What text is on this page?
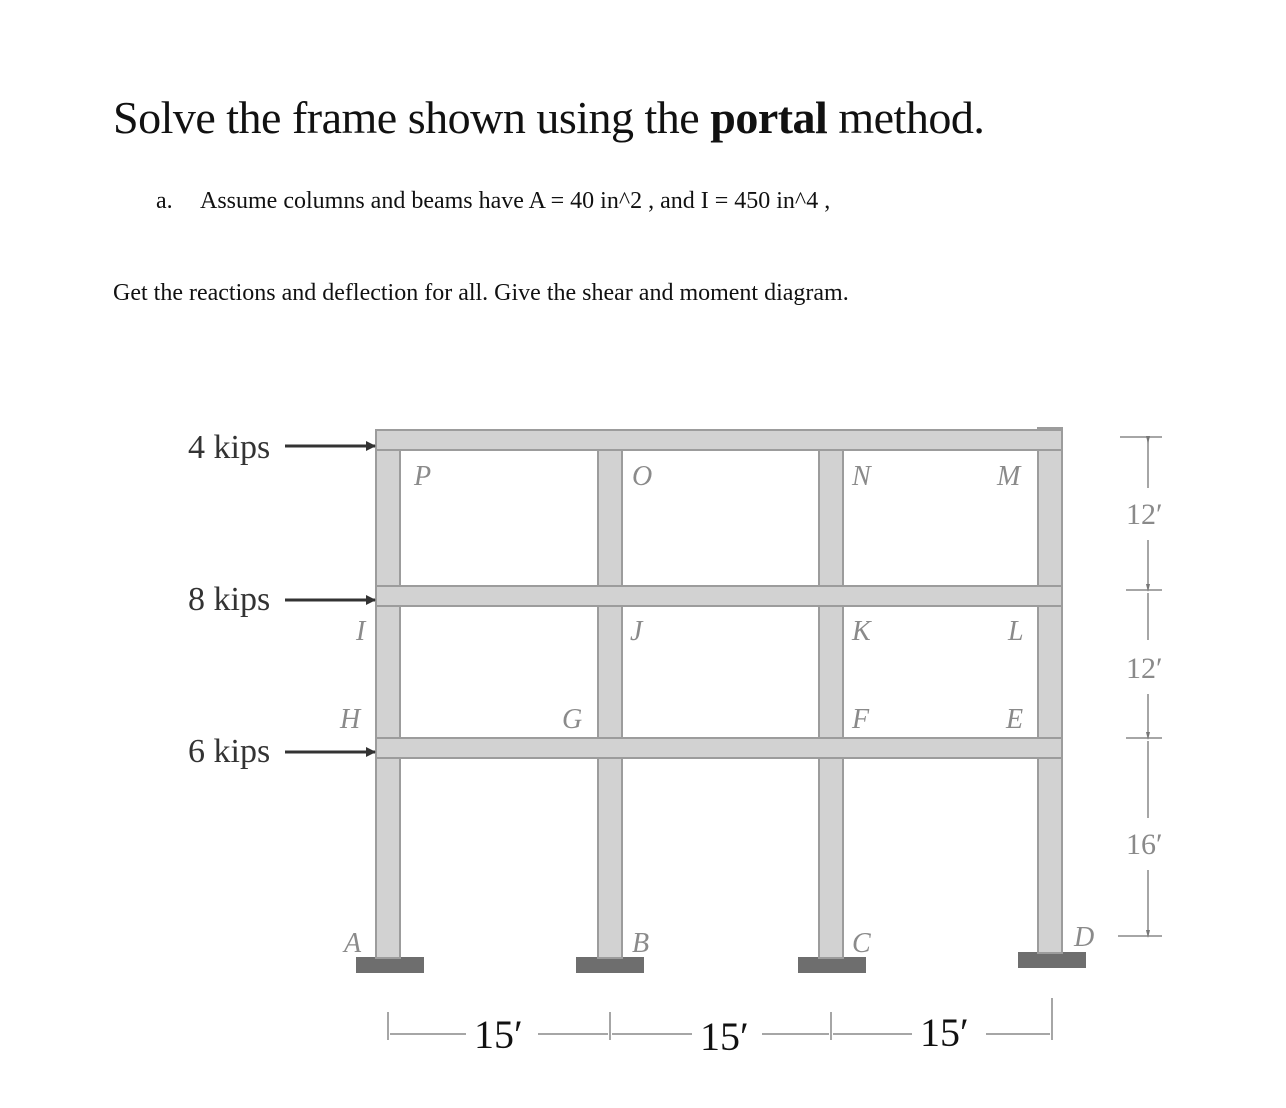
Solve the frame shown using the portal method.
a. Assume columns and beams have A = 40 in^2 , and I = 450 in^4 ,
Get the reactions and deflection for all. Give the shear and moment diagram.
4 kips
8 kips
6 kips
P	O	N	M
I	J	K	L
H	G	F	E
A	B	C	D
12′
12′
16′
15′	15′	15′
